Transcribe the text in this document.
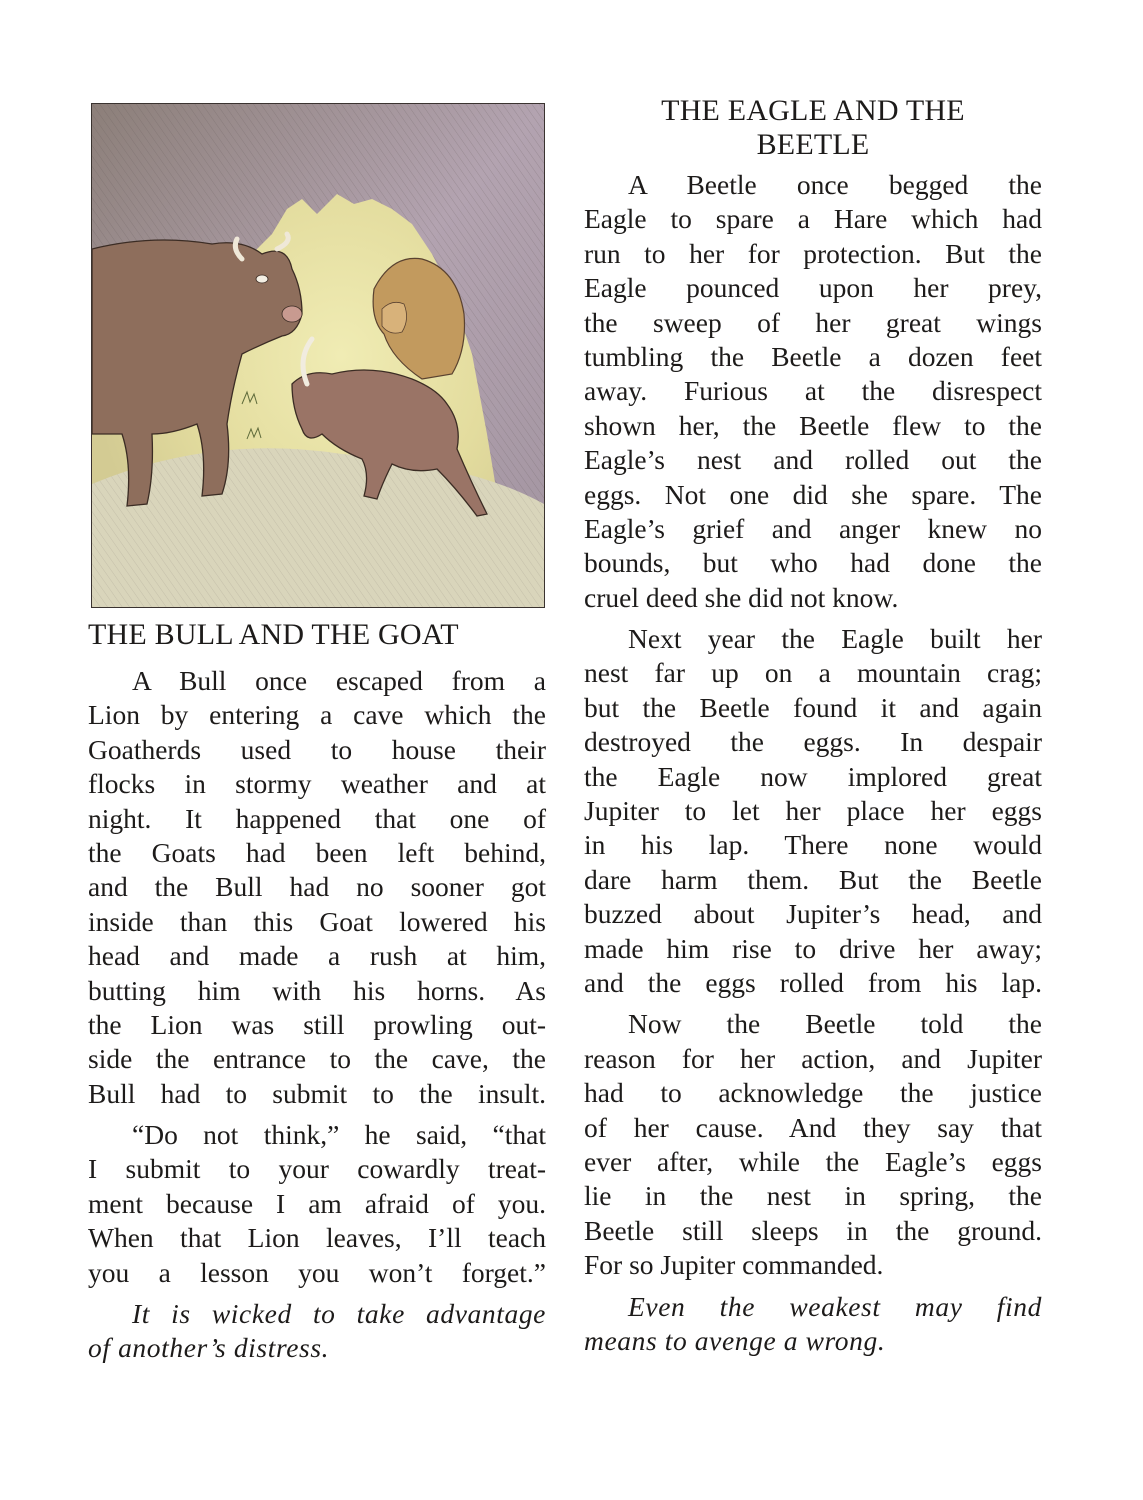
THE BULL AND THE GOAT
A Bull once escaped from a
Lion by entering a cave which the
Goatherds used to house their
flocks in stormy weather and at
night. It happened that one of
the Goats had been left behind,
and the Bull had no sooner got
inside than this Goat lowered his
head and made a rush at him,
butting him with his horns. As
the Lion was still prowling out-
side the entrance to the cave, the
Bull had to submit to the insult.
“Do not think,” he said, “that
I submit to your cowardly treat-
ment because I am afraid of you.
When that Lion leaves, I’ll teach
you a lesson you won’t forget.”
It is wicked to take advantage
of another’s distress.
THE EAGLE AND THE
BEETLE
A Beetle once begged the
Eagle to spare a Hare which had
run to her for protection. But the
Eagle pounced upon her prey,
the sweep of her great wings
tumbling the Beetle a dozen feet
away. Furious at the disrespect
shown her, the Beetle flew to the
Eagle’s nest and rolled out the
eggs. Not one did she spare. The
Eagle’s grief and anger knew no
bounds, but who had done the
cruel deed she did not know.
Next year the Eagle built her
nest far up on a mountain crag;
but the Beetle found it and again
destroyed the eggs. In despair
the Eagle now implored great
Jupiter to let her place her eggs
in his lap. There none would
dare harm them. But the Beetle
buzzed about Jupiter’s head, and
made him rise to drive her away;
and the eggs rolled from his lap.
Now the Beetle told the
reason for her action, and Jupiter
had to acknowledge the justice
of her cause. And they say that
ever after, while the Eagle’s eggs
lie in the nest in spring, the
Beetle still sleeps in the ground.
For so Jupiter commanded.
Even the weakest may find
means to avenge a wrong.
